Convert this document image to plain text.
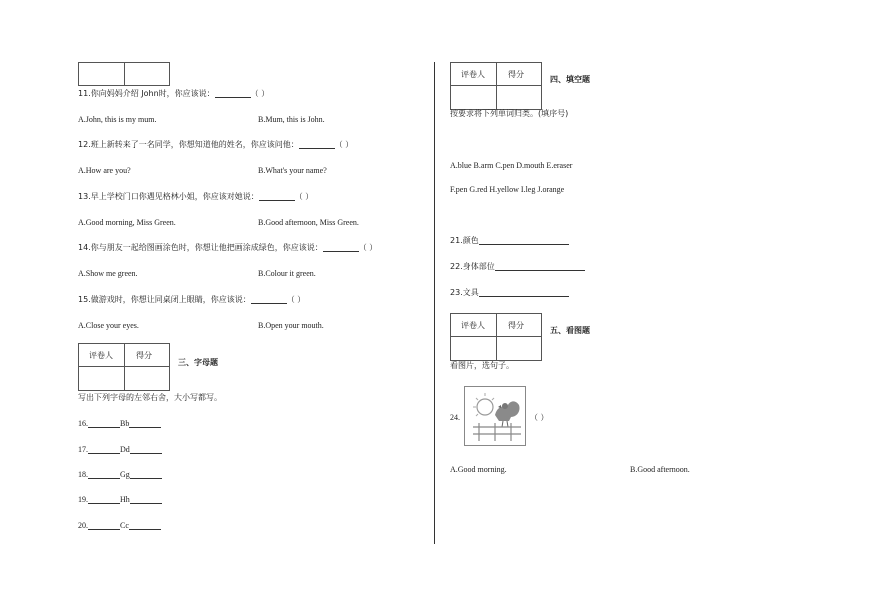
11.你向妈妈介绍 John时，你应该说：	（ ）
A.John, this is my mum.	B.Mum, this is John.
12.班上新转来了一名同学，你想知道他的姓名，你应该问他：	（ ）
A.How are you?	B.What's your name?
13.早上学校门口你遇见格林小姐，你应该对她说：	（ ）
A.Good morning, Miss Green.	B.Good afternoon, Miss Green.
14.你与朋友一起给图画涂色时，你想让他把画涂成绿色，你应该说：	（ ）
A.Show me green.	B.Colour it green.
15.做游戏时，你想让同桌闭上眼睛，你应该说：	（ ）
A.Close your eyes.	B.Open your mouth.
评卷人	得分
三、字母题
写出下列字母的左邻右舍，大小写都写。
16.	Bb
17.	Dd
18.	Gg
19.	Hh
20.	Cc
评卷人	得分
四、填空题
按要求将下列单词归类。(填序号)
A.blue B.arm C.pen D.mouth E.eraser
F.pen G.red H.yellow I.leg J.orange
21.颜色
22.身体部位
23.文具
评卷人	得分
五、看图题
看图片，选句子。
24.	（ ）
A.Good morning.	B.Good afternoon.
